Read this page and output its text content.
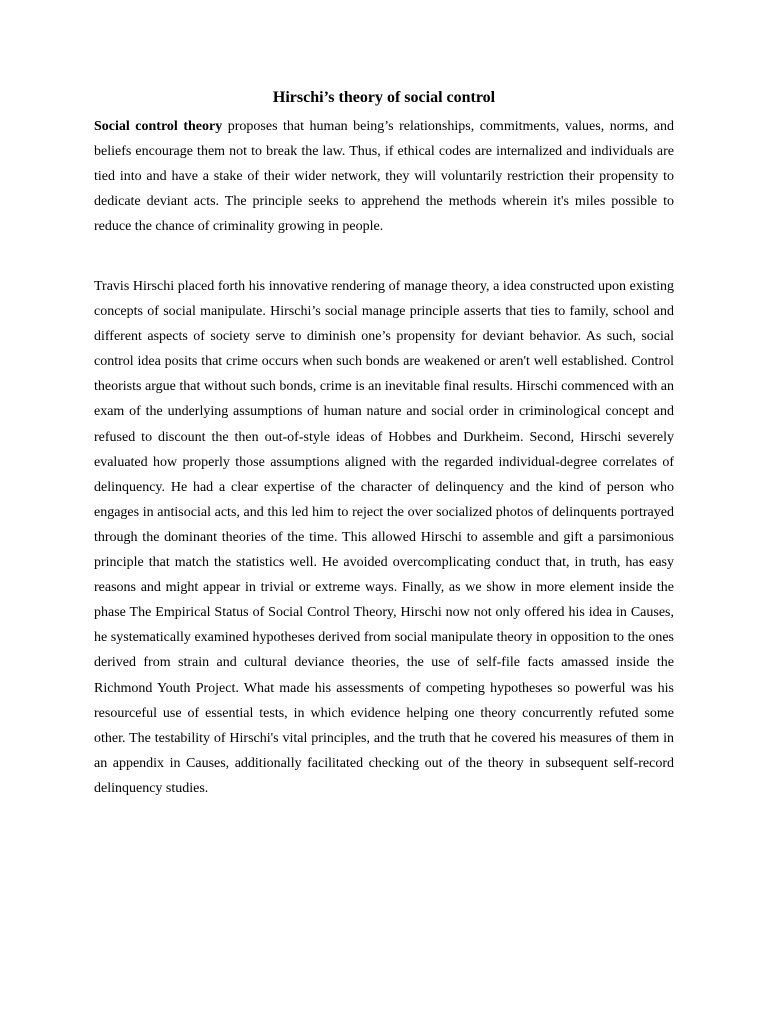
Hirschi’s theory of social control

Social control theory proposes that human being’s relationships, commitments, values, norms, and beliefs encourage them not to break the law. Thus, if ethical codes are internalized and individuals are tied into and have a stake of their wider network, they will voluntarily restriction their propensity to dedicate deviant acts. The principle seeks to apprehend the methods wherein it's miles possible to reduce the chance of criminality growing in people.

Travis Hirschi placed forth his innovative rendering of manage theory, a idea constructed upon existing concepts of social manipulate. Hirschi’s social manage principle asserts that ties to family, school and different aspects of society serve to diminish one’s propensity for deviant behavior. As such, social control idea posits that crime occurs when such bonds are weakened or aren't well established. Control theorists argue that without such bonds, crime is an inevitable final results. Hirschi commenced with an exam of the underlying assumptions of human nature and social order in criminological concept and refused to discount the then out-of-style ideas of Hobbes and Durkheim. Second, Hirschi severely evaluated how properly those assumptions aligned with the regarded individual-degree correlates of delinquency. He had a clear expertise of the character of delinquency and the kind of person who engages in antisocial acts, and this led him to reject the over socialized photos of delinquents portrayed through the dominant theories of the time. This allowed Hirschi to assemble and gift a parsimonious principle that match the statistics well. He avoided overcomplicating conduct that, in truth, has easy reasons and might appear in trivial or extreme ways. Finally, as we show in more element inside the phase The Empirical Status of Social Control Theory, Hirschi now not only offered his idea in Causes, he systematically examined hypotheses derived from social manipulate theory in opposition to the ones derived from strain and cultural deviance theories, the use of self-file facts amassed inside the Richmond Youth Project. What made his assessments of competing hypotheses so powerful was his resourceful use of essential tests, in which evidence helping one theory concurrently refuted some other. The testability of Hirschi's vital principles, and the truth that he covered his measures of them in an appendix in Causes, additionally facilitated checking out of the theory in subsequent self-record delinquency studies.
